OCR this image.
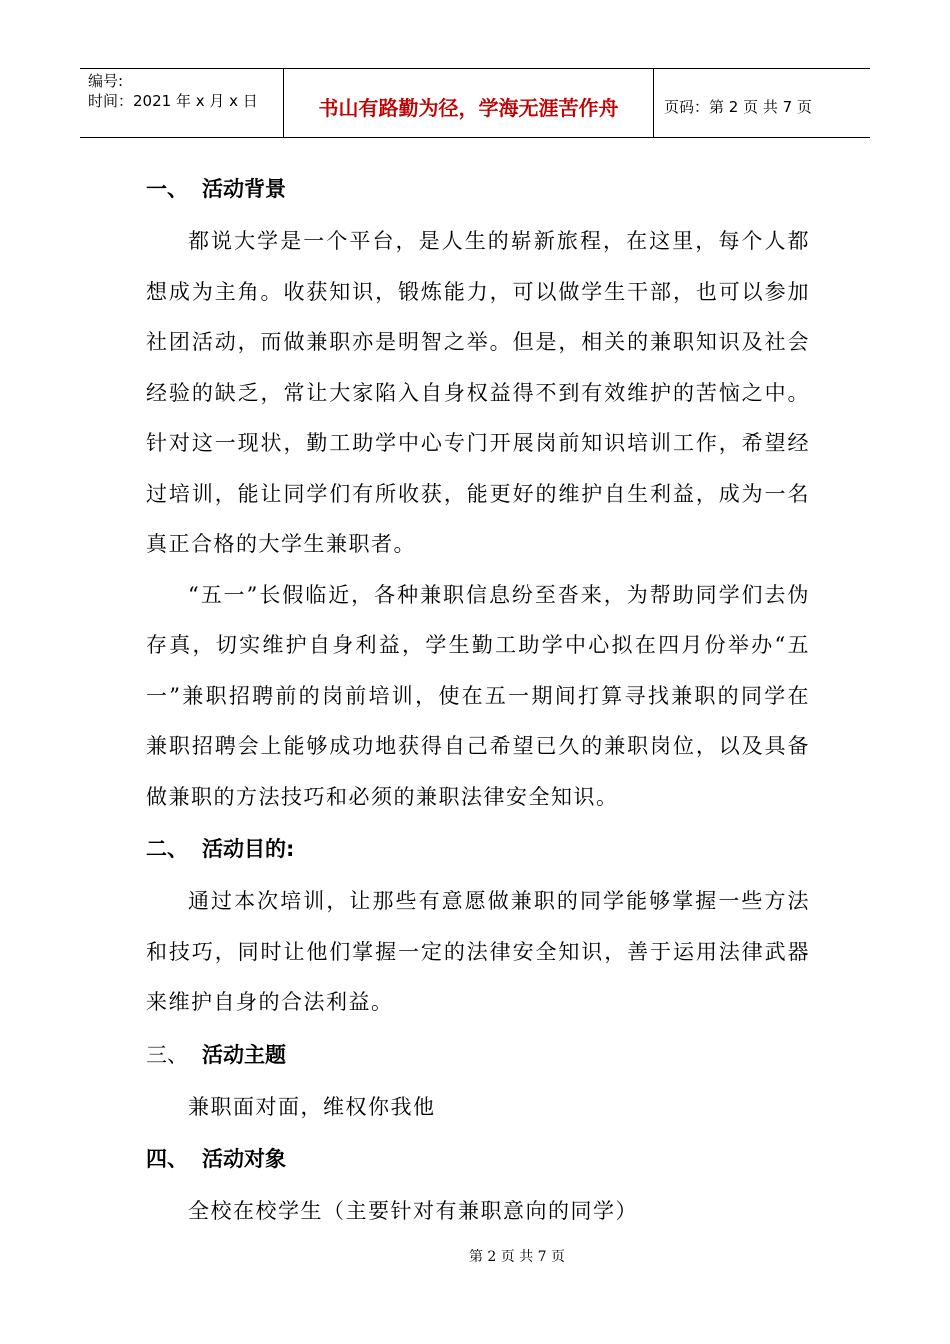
编号:
时间：2021 年 x 月 x 日	书山有路勤为径，学海无涯苦作舟	页码：第 2 页 共 7 页
一、 活动背景

都说大学是一个平台，是人生的崭新旅程，在这里，每个人都想成为主角。收获知识，锻炼能力，可以做学生干部，也可以参加社团活动，而做兼职亦是明智之举。但是，相关的兼职知识及社会经验的缺乏，常让大家陷入自身权益得不到有效维护的苦恼之中。针对这一现状，勤工助学中心专门开展岗前知识培训工作，希望经过培训，能让同学们有所收获，能更好的维护自生利益，成为一名真正合格的大学生兼职者。

“五一”长假临近，各种兼职信息纷至沓来，为帮助同学们去伪存真，切实维护自身利益，学生勤工助学中心拟在四月份举办“五一”兼职招聘前的岗前培训，使在五一期间打算寻找兼职的同学在兼职招聘会上能够成功地获得自己希望已久的兼职岗位，以及具备做兼职的方法技巧和必须的兼职法律安全知识。

二、 活动目的:

通过本次培训，让那些有意愿做兼职的同学能够掌握一些方法和技巧，同时让他们掌握一定的法律安全知识，善于运用法律武器来维护自身的合法利益。

三、 活动主题

兼职面对面，维权你我他

四、 活动对象

全校在校学生（主要针对有兼职意向的同学）

第 2 页 共 7 页
